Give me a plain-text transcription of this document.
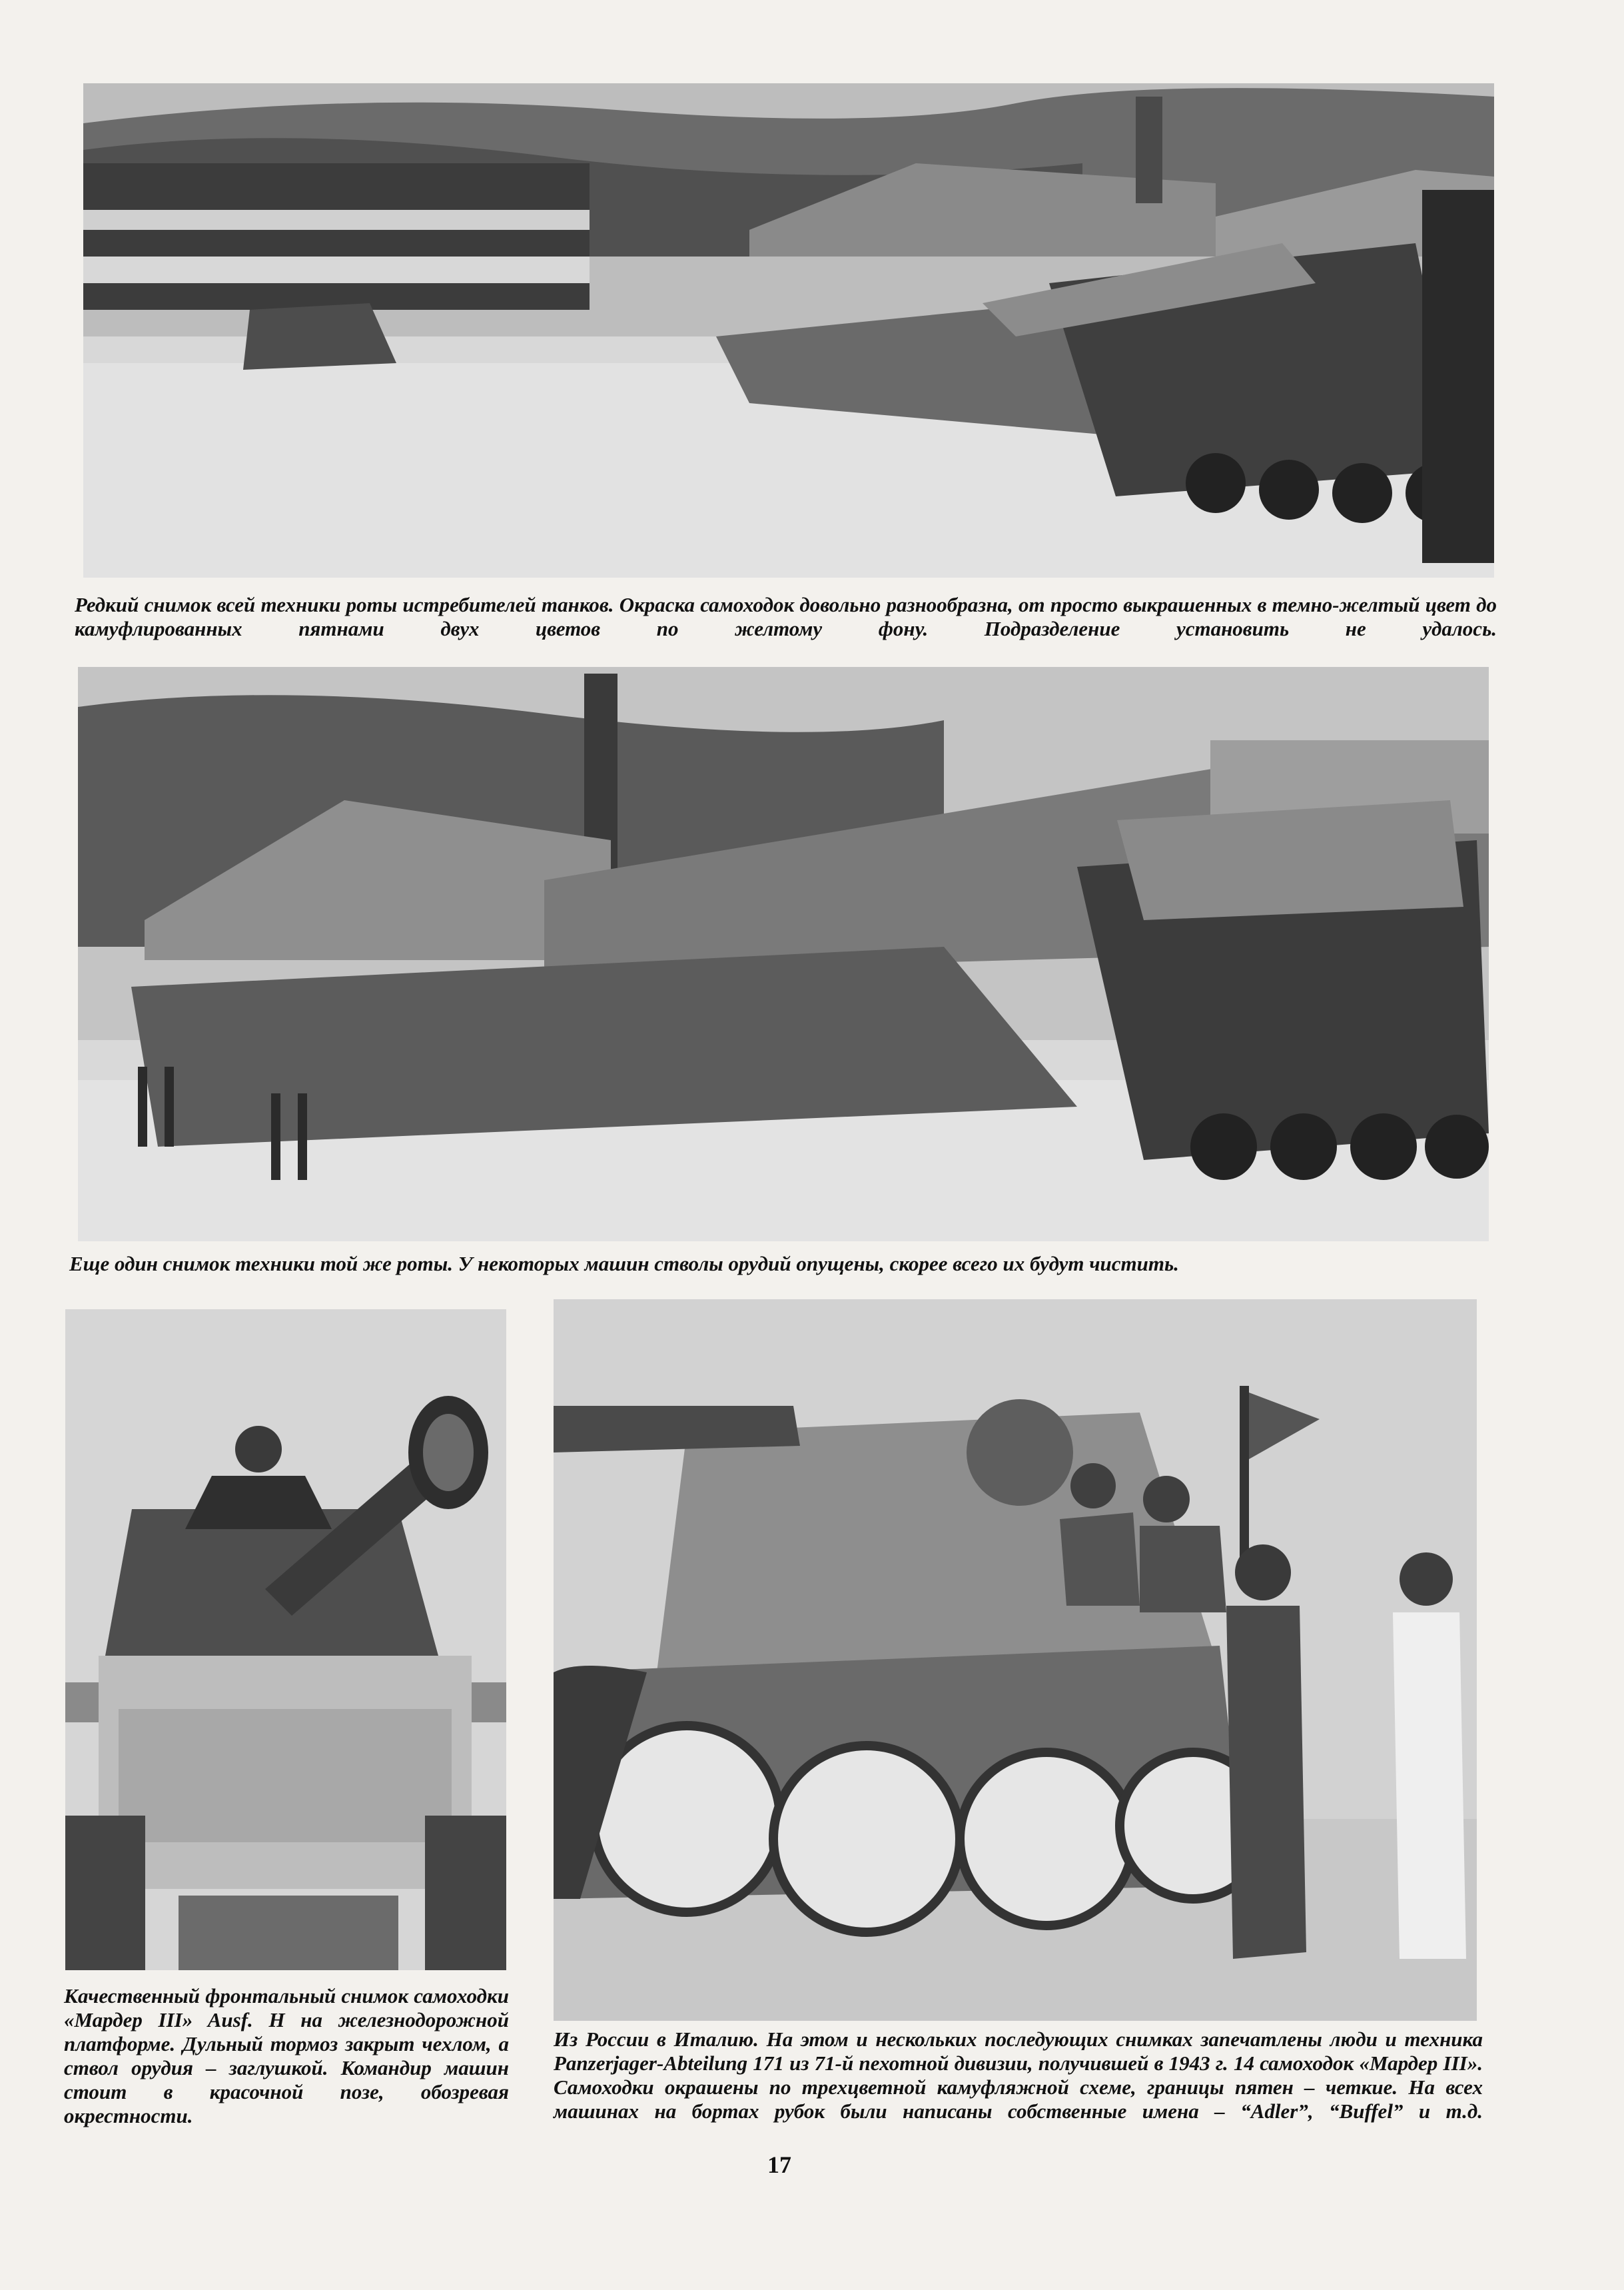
Редкий снимок всей техники роты истребителей танков. Окраска самоходок довольно разнообразна, от просто выкрашенных в темно-желтый цвет до камуфлированных пятнами двух цветов по желтому фону. Подразделение установить не удалось.

Еще один снимок техники той же роты. У некоторых машин стволы орудий опущены, скорее всего их будут чистить.

Качественный фронтальный снимок самоходки «Мардер III» Ausf. H на железнодорожной платформе. Дульный тормоз закрыт чехлом, а ствол орудия – заглушкой. Командир машин стоит в красочной позе, обозревая окрестности.

Из России в Италию. На этом и нескольких последующих снимках запечатлены люди и техника Panzerjager-Abteilung 171 из 71-й пехотной дивизии, получившей в 1943 г. 14 самоходок «Мардер III». Самоходки окрашены по трехцветной камуфляжной схеме, границы пятен – четкие. На всех машинах на бортах рубок были написаны собственные имена – “Adler”, “Buffel” и т.д.

17
